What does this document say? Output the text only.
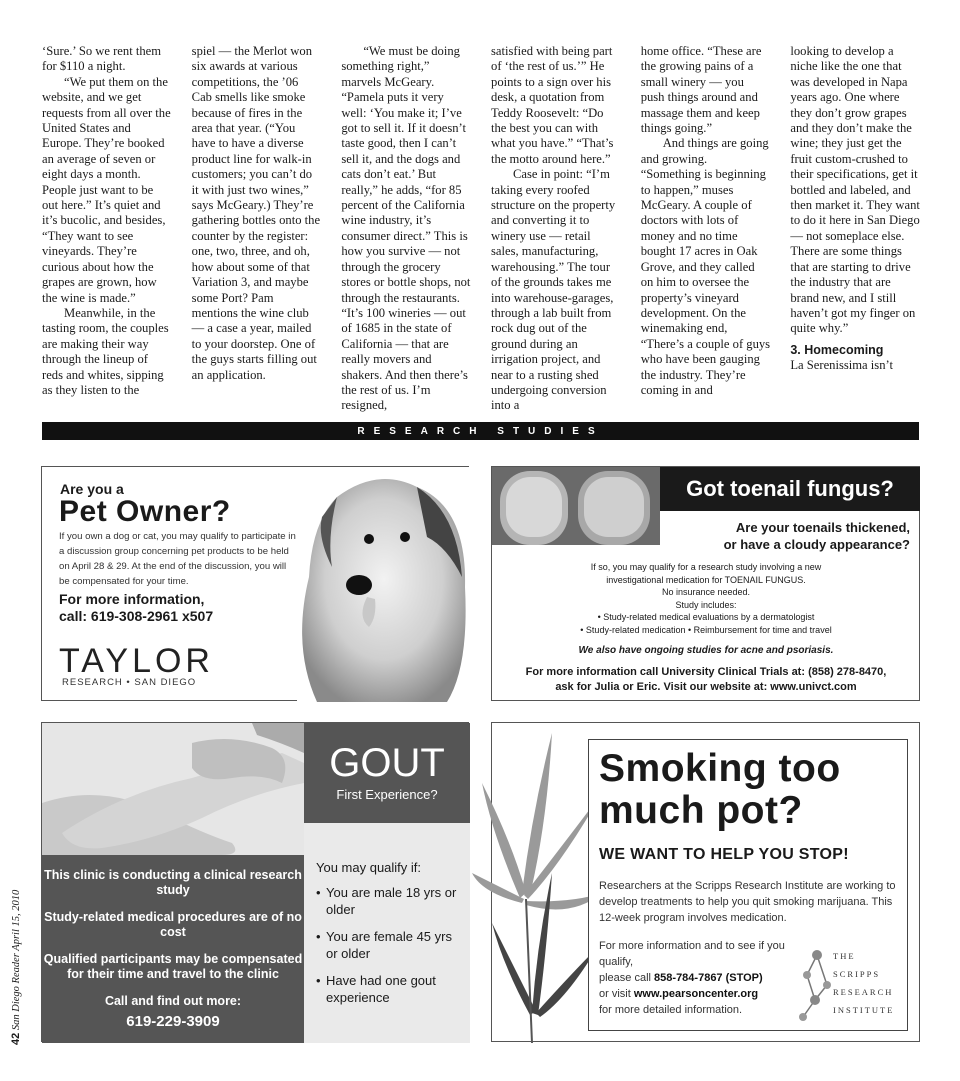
‘Sure.’ So we rent them for $110 a night.

“We put them on the website, and we get requests from all over the United States and Europe. They’re booked an average of seven or eight days a month. People just want to be out here.” It’s quiet and it’s bucolic, and besides, “They want to see vineyards. They’re curious about how the grapes are grown, how the wine is made.”

Meanwhile, in the tasting room, the couples are making their way through the lineup of reds and whites, sipping as they listen to the

spiel — the Merlot won six awards at various competitions, the ’06 Cab smells like smoke because of fires in the area that year. (“You have to have a diverse product line for walk-in customers; you can’t do it with just two wines,” says McGeary.) They’re gathering bottles onto the counter by the register: one, two, three, and oh, how about some of that Variation 3, and maybe some Port? Pam mentions the wine club — a case a year, mailed to your doorstep. One of the guys starts filling out an application.

“We must be doing something right,” marvels McGeary. “Pamela puts it very well: ‘You make it; I’ve got to sell it. If it doesn’t taste good, then I can’t sell it, and the dogs and cats don’t eat.’ But really,” he adds, “for 85 percent of the California wine industry, it’s consumer direct.” This is how you survive — not through the grocery stores or bottle shops, not through the restaurants. “It’s 100 wineries — out of 1685 in the state of California — that are really movers and shakers. And then there’s the rest of us. I’m resigned,

satisfied with being part of ‘the rest of us.’” He points to a sign over his desk, a quotation from Teddy Roosevelt: “Do the best you can with what you have.” “That’s the motto around here.”

Case in point: “I’m taking every roofed structure on the property and converting it to winery use — retail sales, manufacturing, warehousing.” The tour of the grounds takes me into warehouse-garages, through a lab built from rock dug out of the ground during an irrigation project, and near to a rusting shed undergoing conversion into a

home office. “These are the growing pains of a small winery — you push things around and massage them and keep things going.”

And things are going and growing. “Something is beginning to happen,” muses McGeary. A couple of doctors with lots of money and no time bought 17 acres in Oak Grove, and they called on him to oversee the property’s vineyard development. On the winemaking end, “There’s a couple of guys who have been gauging the industry. They’re coming in and

looking to develop a niche like the one that was developed in Napa years ago. One where they don’t grow grapes and they don’t make the wine; they just get the fruit custom-crushed to their specifications, get it bottled and labeled, and then market it. They want to do it here in San Diego — not someplace else. There are some things that are starting to drive the industry that are brand new, and I still haven’t got my finger on quite why.”

3. Homecoming

La Serenissima isn’t

RESEARCH STUDIES
Are you a
Pet Owner?
If you own a dog or cat, you may qualify to participate in a discussion group concerning pet products to be held on April 28 & 29. At the end of the discussion, you will be compensated for your time.
For more information,
call: 619-308-2961 x507
TAYLOR
RESEARCH • SAN DIEGO
Got toenail fungus?
Are your toenails thickened,
or have a cloudy appearance?
If so, you may qualify for a research study involving a new
investigational medication for TOENAIL FUNGUS.
No insurance needed.
Study includes:
• Study-related medical evaluations by a dermatologist
• Study-related medication • Reimbursement for time and travel
We also have ongoing studies for acne and psoriasis.
For more information call University Clinical Trials at: (858) 278-8470,
ask for Julia or Eric. Visit our website at: www.univct.com
GOUT
First Experience?
This clinic is conducting a clinical research study
Study-related medical procedures are of no cost
Qualified participants may be compensated for their time and travel to the clinic
Call and find out more:
619-229-3909
You may qualify if:
• You are male 18 yrs or older
• You are female 45 yrs or older
• Have had one gout experience
Smoking too
much pot?
WE WANT TO HELP YOU STOP!
Researchers at the Scripps Research Institute are working to develop treatments to help you quit smoking marijuana. This 12-week program involves medication.
For more information and to see if you qualify,
please call 858-784-7867 (STOP)
or visit www.pearsoncenter.org
for more detailed information.
THE
SCRIPPS
RESEARCH
INSTITUTE
42 San Diego Reader April 15, 2010
